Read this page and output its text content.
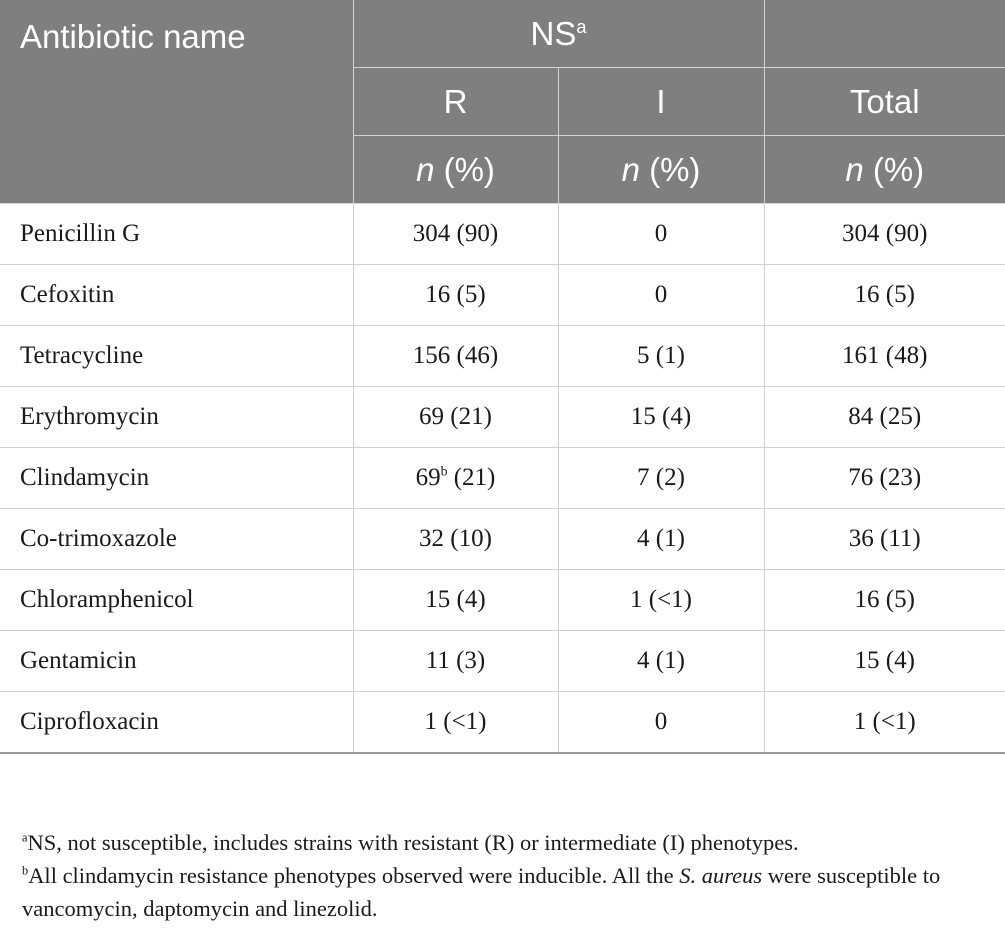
Antibiotic name	$NS^a$	
	R	I	Total
	n (%)	n (%)	n (%)
Penicillin G	304 (90)	0	304 (90)
Cefoxitin	16 (5)	0	16 (5)
Tetracycline	156 (46)	5 (1)	161 (48)
Erythromycin	69 (21)	15 (4)	84 (25)
Clindamycin	69$^b$ (21)	7 (2)	76 (23)
Co-trimoxazole	32 (10)	4 (1)	36 (11)
Chloramphenicol	15 (4)	1 (<1)	16 (5)
Gentamicin	11 (3)	4 (1)	15 (4)
Ciprofloxacin	1 (<1)	0	1 (<1)

$^a$NS, not susceptible, includes strains with resistant (R) or intermediate (I) phenotypes.

$^b$All clindamycin resistance phenotypes observed were inducible. All the S. aureus were susceptible to vancomycin, daptomycin and linezolid.
